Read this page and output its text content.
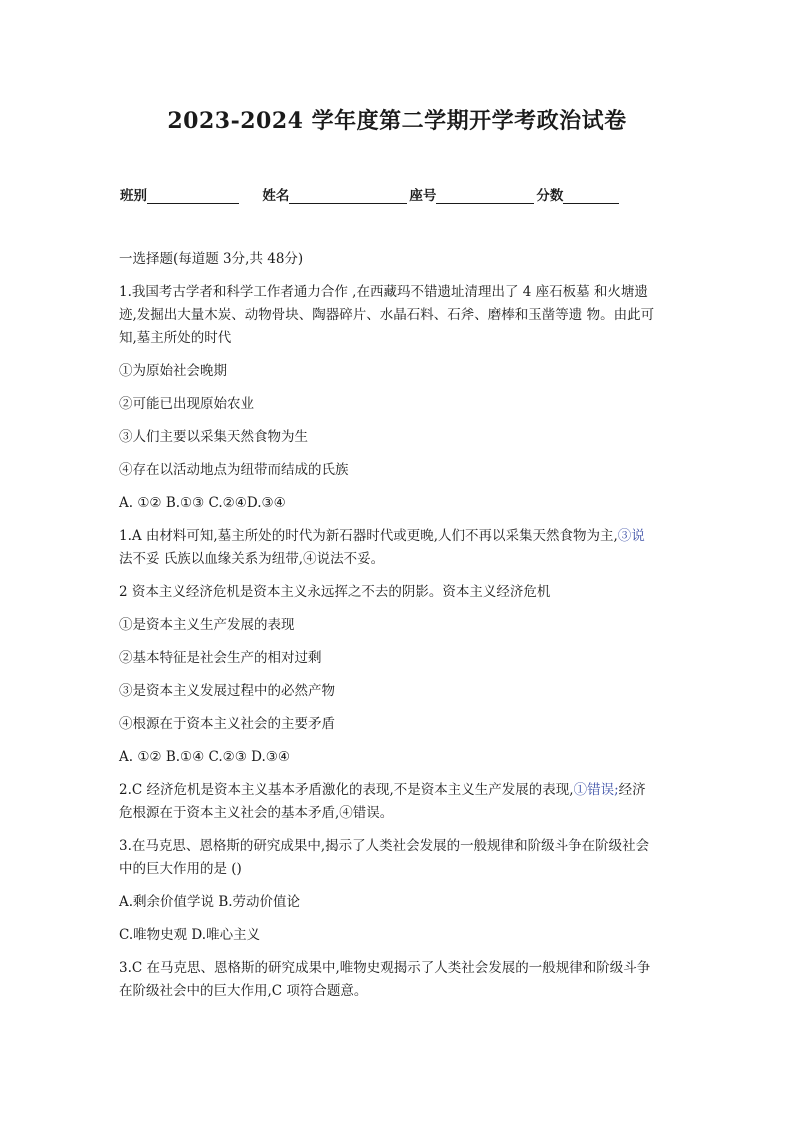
2023-2024 学年度第二学期开学考政治试卷
班别	姓名	座号	分数

一选择题(每道题 3分,共 48分)

1.我国考古学者和科学工作者通力合作 ,在西藏玛不错遗址清理出了 4 座石板墓 和火塘遗

迹,发掘出大量木炭、动物骨块、陶器碎片、水晶石料、石斧、磨棒和玉凿等遗 物。由此可

知,墓主所处的时代

①为原始社会晚期

②可能已出现原始农业

③人们主要以采集天然食物为生

④存在以活动地点为纽带而结成的氏族

A. ①② B.①③ C.②④D.③④

1.A 由材料可知,墓主所处的时代为新石器时代或更晚,人们不再以采集天然食物为主,③说

法不妥 氏族以血缘关系为纽带,④说法不妥。

2 资本主义经济危机是资本主义永远挥之不去的阴影。资本主义经济危机

①是资本主义生产发展的表现

②基本特征是社会生产的相对过剩

③是资本主义发展过程中的必然产物

④根源在于资本主义社会的主要矛盾

A. ①② B.①④ C.②③ D.③④

2.C 经济危机是资本主义基本矛盾激化的表现,不是资本主义生产发展的表现,①错误;经济

危根源在于资本主义社会的基本矛盾,④错误。

3.在马克思、恩格斯的研究成果中,揭示了人类社会发展的一般规律和阶级斗争在阶级社会

中的巨大作用的是 ()

A.剩余价值学说 B.劳动价值论

C.唯物史观 D.唯心主义

3.C 在马克思、恩格斯的研究成果中,唯物史观揭示了人类社会发展的一般规律和阶级斗争

在阶级社会中的巨大作用,C 项符合题意。
